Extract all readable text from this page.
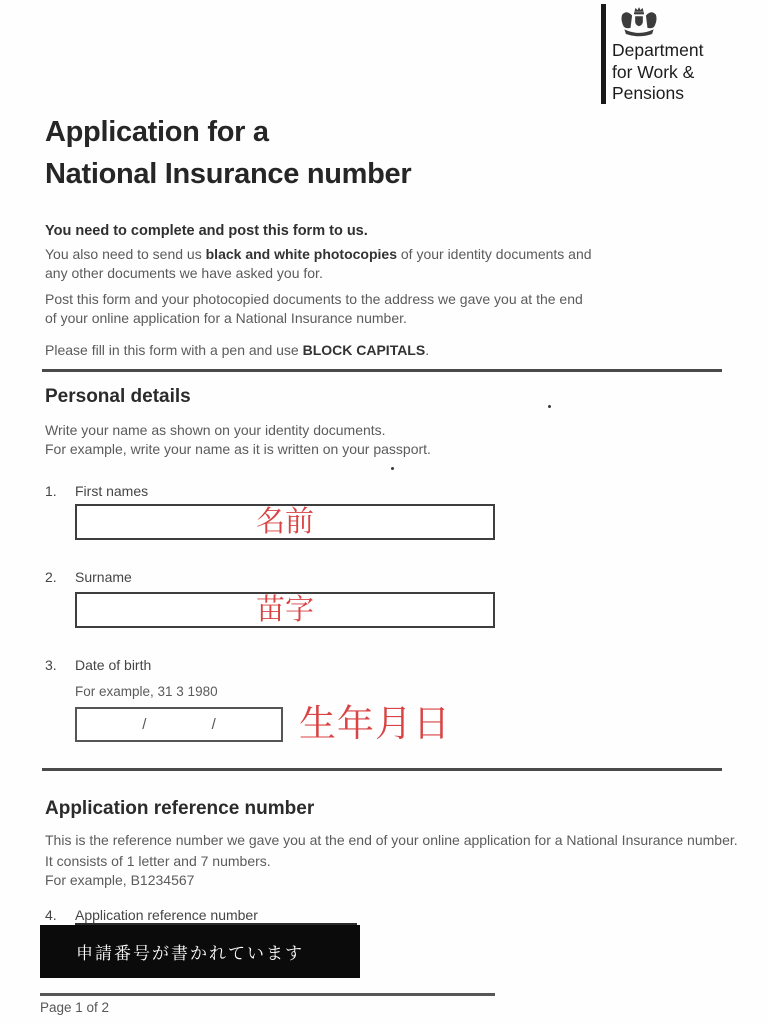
Department
for Work &
Pensions
Application for a
National Insurance number
You need to complete and post this form to us.
You also need to send us black and white photocopies of your identity documents and any other documents we have asked you for.
Post this form and your photocopied documents to the address we gave you at the end of your online application for a National Insurance number.
Please fill in this form with a pen and use BLOCK CAPITALS.
Personal details
Write your name as shown on your identity documents.
For example, write your name as it is written on your passport.
1. First names
名前
2. Surname
苗字
3. Date of birth
For example, 31 3 1980
/	/ 生年月日
Application reference number
This is the reference number we gave you at the end of your online application for a National Insurance number. It consists of 1 letter and 7 numbers.
For example, B1234567
4. Application reference number
申請番号が書かれています
Page 1 of 2
